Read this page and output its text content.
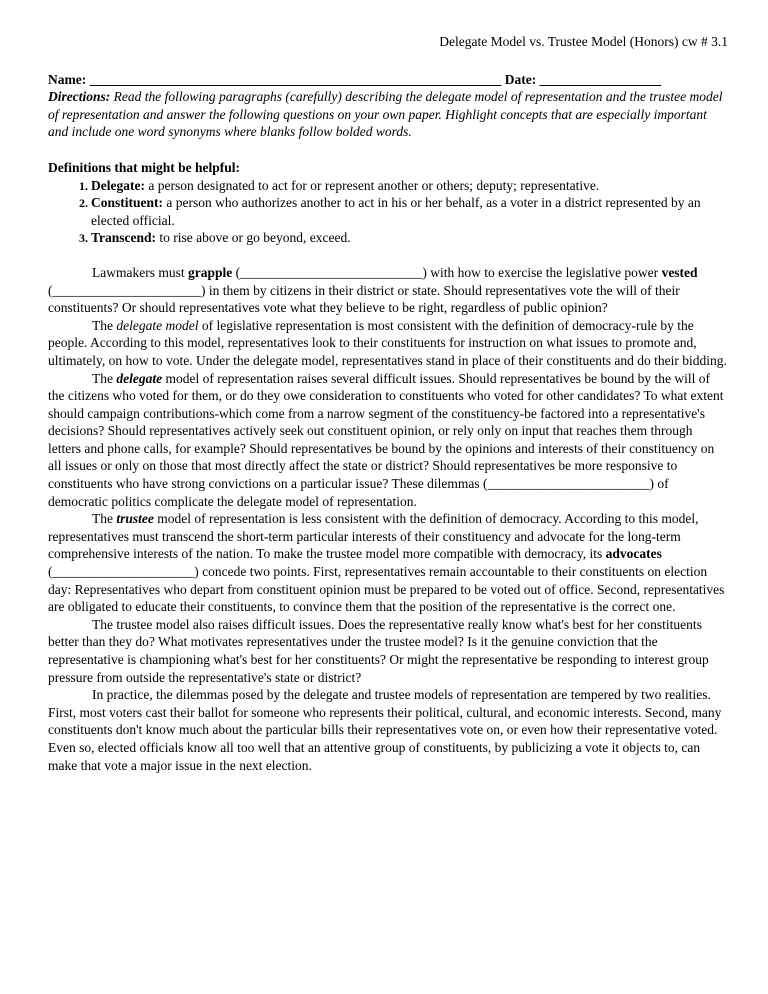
Delegate Model vs. Trustee Model (Honors) cw # 3.1
Name: _____________________________________________________________ Date: __________________
Directions: Read the following paragraphs (carefully) describing the delegate model of representation and the trustee model of representation and answer the following questions on your own paper. Highlight concepts that are especially important and include one word synonyms where blanks follow bolded words.
Definitions that might be helpful:
1. Delegate: a person designated to act for or represent another or others; deputy; representative.
2. Constituent: a person who authorizes another to act in his or her behalf, as a voter in a district represented by an elected official.
3. Transcend: to rise above or go beyond, exceed.

Lawmakers must grapple (___________________________) with how to exercise the legislative power vested (______________________) in them by citizens in their district or state. Should representatives vote the will of their constituents? Or should representatives vote what they believe to be right, regardless of public opinion?

The delegate model of legislative representation is most consistent with the definition of democracy-rule by the people. According to this model, representatives look to their constituents for instruction on what issues to promote and, ultimately, on how to vote. Under the delegate model, representatives stand in place of their constituents and do their bidding.

The delegate model of representation raises several difficult issues. Should representatives be bound by the will of the citizens who voted for them, or do they owe consideration to constituents who voted for other candidates? To what extent should campaign contributions-which come from a narrow segment of the constituency-be factored into a representative's decisions? Should representatives actively seek out constituent opinion, or rely only on input that reaches them through letters and phone calls, for example? Should representatives be bound by the opinions and interests of their constituency on all issues or only on those that most directly affect the state or district? Should representatives be more responsive to constituents who have strong convictions on a particular issue? These dilemmas (________________________) of democratic politics complicate the delegate model of representation.

The trustee model of representation is less consistent with the definition of democracy. According to this model, representatives must transcend the short-term particular interests of their constituency and advocate for the long-term comprehensive interests of the nation. To make the trustee model more compatible with democracy, its advocates (_____________________) concede two points. First, representatives remain accountable to their constituents on election day: Representatives who depart from constituent opinion must be prepared to be voted out of office. Second, representatives are obligated to educate their constituents, to convince them that the position of the representative is the correct one.

The trustee model also raises difficult issues. Does the representative really know what's best for her constituents better than they do? What motivates representatives under the trustee model? Is it the genuine conviction that the representative is championing what's best for her constituents? Or might the representative be responding to interest group pressure from outside the representative's state or district?

In practice, the dilemmas posed by the delegate and trustee models of representation are tempered by two realities. First, most voters cast their ballot for someone who represents their political, cultural, and economic interests. Second, many constituents don't know much about the particular bills their representatives vote on, or even how their representative voted. Even so, elected officials know all too well that an attentive group of constituents, by publicizing a vote it objects to, can make that vote a major issue in the next election.
